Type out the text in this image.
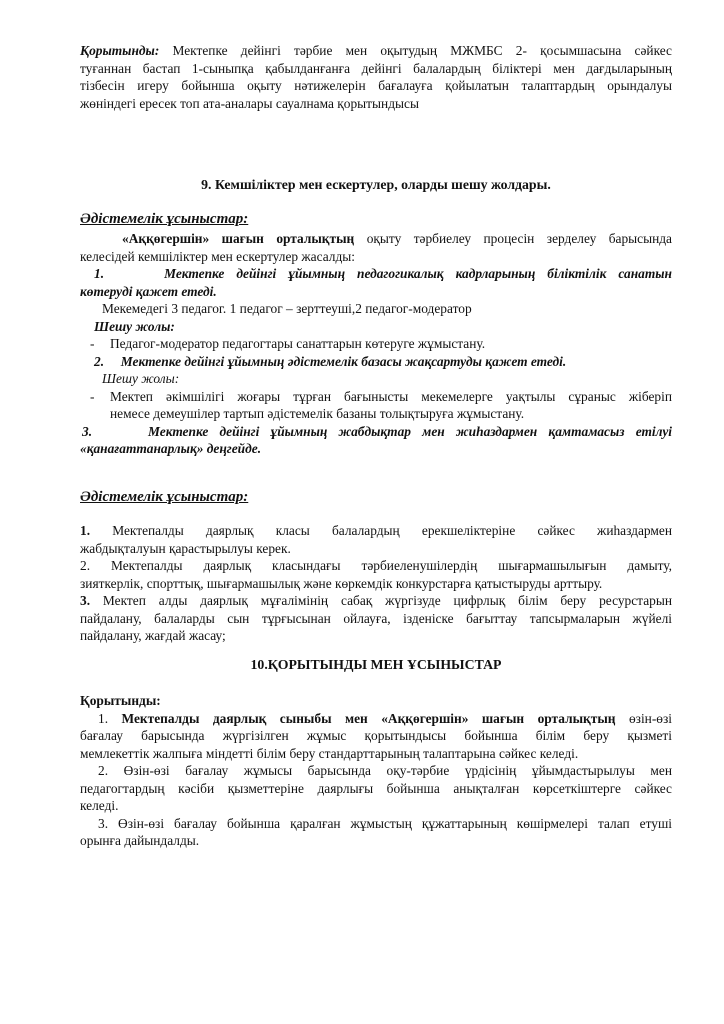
Қорытынды: Мектепке дейінгі тәрбие мен оқытудың МЖМБС 2- қосымшасына сәйкес
туғаннан бастап 1-сыныпқа қабылданғанға дейінгі балалардың біліктері мен дағдыларының
тізбесін игеру бойынша оқыту нәтижелерін бағалауға қойылатын талаптардың орындалуы
жөніндегі ересек топ ата-аналары сауалнама қорытындысы
9. Кемшіліктер мен ескертулер, оларды шешу жолдары.
Әдістемелік ұсыныстар:
«Аққөгершін» шағын орталықтың оқыту тәрбиелеу процесін зерделеу барысында
келесідей кемшіліктер мен ескертулер жасалды:
1.	Мектепке дейінгі ұйымның педагогикалық кадрларының біліктілік санатын
көтеруді қажет етеді.
Мекемедегі 3 педагог. 1 педагог – зерттеуші,2 педагог-модератор
Шешу жолы:
- Педагог-модератор педагогтары санаттарын көтеруге жұмыстану.
2. Мектепке дейінгі ұйымның әдістемелік базасы жақсартуды қажет етеді.
Шешу жолы:
- Мектеп әкімшілігі жоғары тұрған бағынысты мекемелерге уақтылы сұраныс жіберіп
немесе демеушілер тартып әдістемелік базаны толықтыруға жұмыстану.
3.	Мектепке дейінгі ұйымның жабдықтар мен жиһаздармен қамтамасыз етілуі
«қанағаттанарлық» деңгейде.
Әдістемелік ұсыныстар:
1. Мектепалды даярлық класы балалардың ерекшеліктеріне сәйкес жиһаздармен
жабдықталуын қарастырылуы керек.
2. Мектепалды даярлық класындағы тәрбиеленушілердің шығармашылығын дамыту,
зияткерлік, спорттық, шығармашылық және көркемдік конкурстарға қатыстыруды арттыру.
3. Мектеп алды даярлық мұғалімінің сабақ жүргізуде цифрлық білім беру ресурстарын
пайдалану, балаларды сын тұрғысынан ойлауға, ізденіске бағыттау тапсырмаларын жүйелі
пайдалану, жағдай жасау;
10.ҚОРЫТЫНДЫ МЕН ҰСЫНЫСТАР
Қорытынды:
1. Мектепалды даярлық сыныбы мен «Аққөгершін» шағын орталықтың өзін-өзі
бағалау барысында жүргізілген жұмыс қорытындысы бойынша білім беру қызметі
мемлекеттік жалпыға міндетті білім беру стандарттарының талаптарына сәйкес келеді.
2. Өзін-өзі бағалау жұмысы барысында оқу-тәрбие үрдісінің ұйымдастырылуы мен
педагогтардың кәсіби қызметтеріне даярлығы бойынша анықталған көрсеткіштерге сәйкес
келеді.
3. Өзін-өзі бағалау бойынша қаралған жұмыстың құжаттарының көшірмелері талап етуші
орынға дайындалды.
